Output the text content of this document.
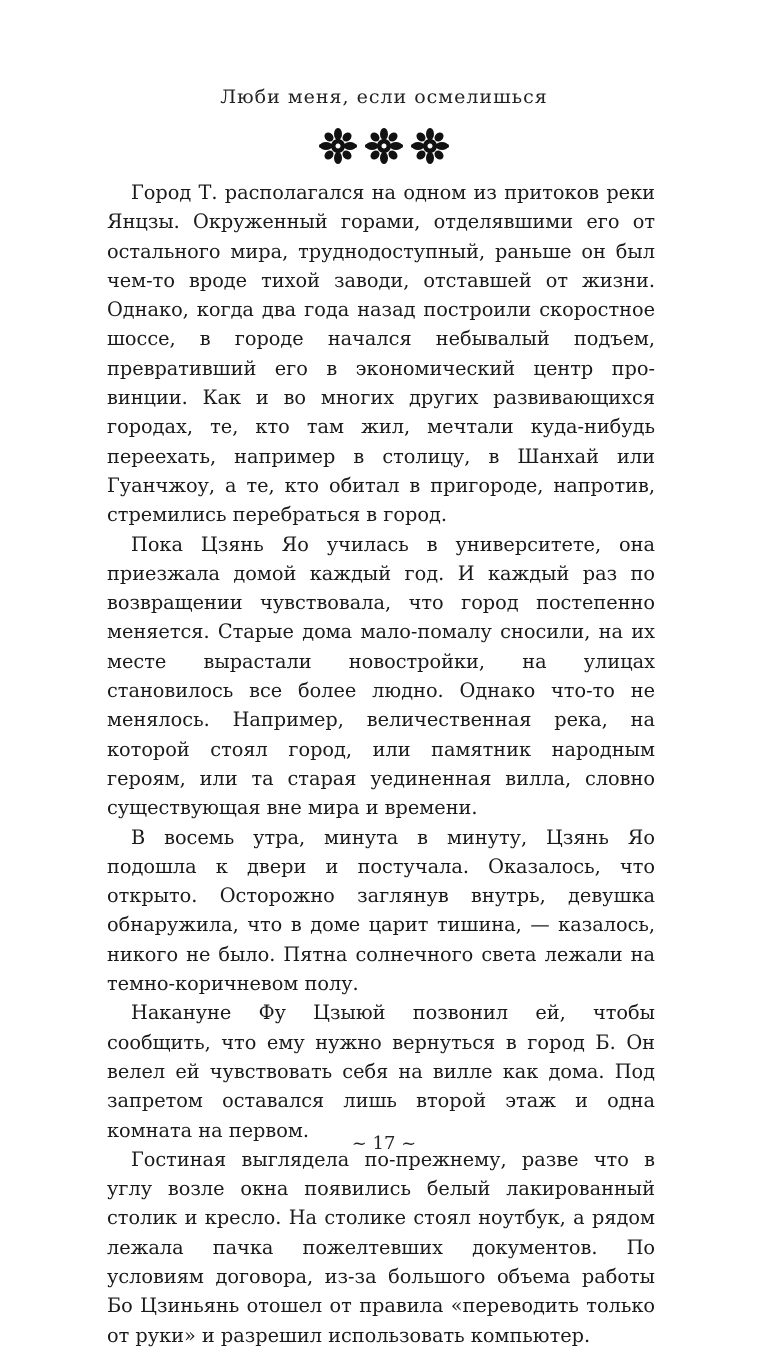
Люби меня, если осмелишься

Город Т. располагался на одном из притоков реки Янцзы. Окруженный горами, отделявшими его от остального мира, труднодоступный, раньше он был чем-то вроде тихой заводи, отставшей от жизни. Однако, когда два года назад построили скоростное шоссе, в городе начался небывалый подъем, превративший его в экономический центр провинции. Как и во многих других развивающихся городах, те, кто там жил, мечтали куда-нибудь переехать, например в столицу, в Шанхай или Гуанчжоу, а те, кто обитал в пригороде, напротив, стремились перебраться в город.

Пока Цзянь Яо училась в университете, она приезжала домой каждый год. И каждый раз по возвращении чувствовала, что город постепенно меняется. Старые дома мало-помалу сносили, на их месте вырастали новостройки, на улицах становилось все более людно. Однако что-то не менялось. Например, величественная река, на которой стоял город, или памятник народным героям, или та старая уединенная вилла, словно существующая вне мира и времени.

В восемь утра, минута в минуту, Цзянь Яо подошла к двери и постучала. Оказалось, что открыто. Осторожно заглянув внутрь, девушка обнаружила, что в доме царит тишина, — казалось, никого не было. Пятна солнечного света лежали на темно-коричневом полу.

Накануне Фу Цзыюй позвонил ей, чтобы сообщить, что ему нужно вернуться в город Б. Он велел ей чувствовать себя на вилле как дома. Под запретом оставался лишь второй этаж и одна комната на первом.

Гостиная выглядела по-прежнему, разве что в углу возле окна появились белый лакированный столик и кресло. На столике стоял ноутбук, а рядом лежала пачка пожелтевших документов. По условиям договора, из-за большого объема работы Бо Цзиньянь отошел от правила «переводить только от руки» и разрешил использовать компьютер.

~ 17 ~
